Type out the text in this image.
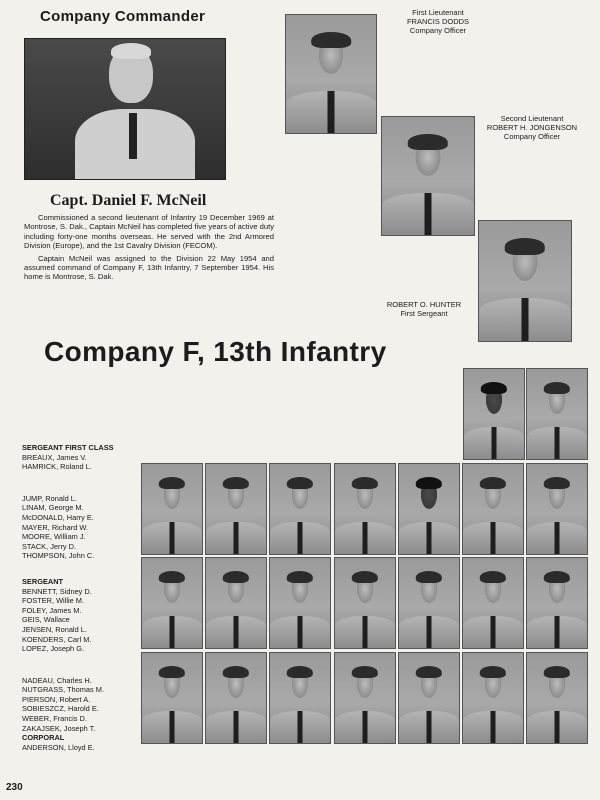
Company Commander
Capt. Daniel F. McNeil

Commissioned a second lieutenant of Infantry 19 December 1969 at Montrose, S. Dak., Captain McNeil has completed five years of active duty including forty-one months overseas. He served with the 2nd Armored Division (Europe), and the 1st Cavalry Division (FECOM).

Captain McNeil was assigned to the Division 22 May 1954 and assumed command of Company F, 13th Infantry, 7 September 1954. His home is Montrose, S. Dak.

First Lieutenant
FRANCIS DODDS
Company Officer
Second Lieutenant
ROBERT H. JONGENSON
Company Officer
ROBERT O. HUNTER
First Sergeant
Company F, 13th Infantry
SERGEANT FIRST CLASS
BREAUX, James V.
HAMRICK, Roland L.
JUMP, Ronald L.
LINAM, George M.
McDONALD, Harry E.
MAYER, Richard W.
MOORE, William J.
STACK, Jerry D.
THOMPSON, John C.
SERGEANT
BENNETT, Sidney D.
FOSTER, Willie M.
FOLEY, James M.
GEIS, Wallace
JENSEN, Ronald L.
KOENDERS, Carl M.
LOPEZ, Joseph G.
NADEAU, Charles H.
NUTGRASS, Thomas M.
PIERSON, Robert A.
SOBIESZCZ, Harold E.
WEBER, Francis D.
ZAKAJSEK, Joseph T.
CORPORAL
ANDERSON, Lloyd E.
230
